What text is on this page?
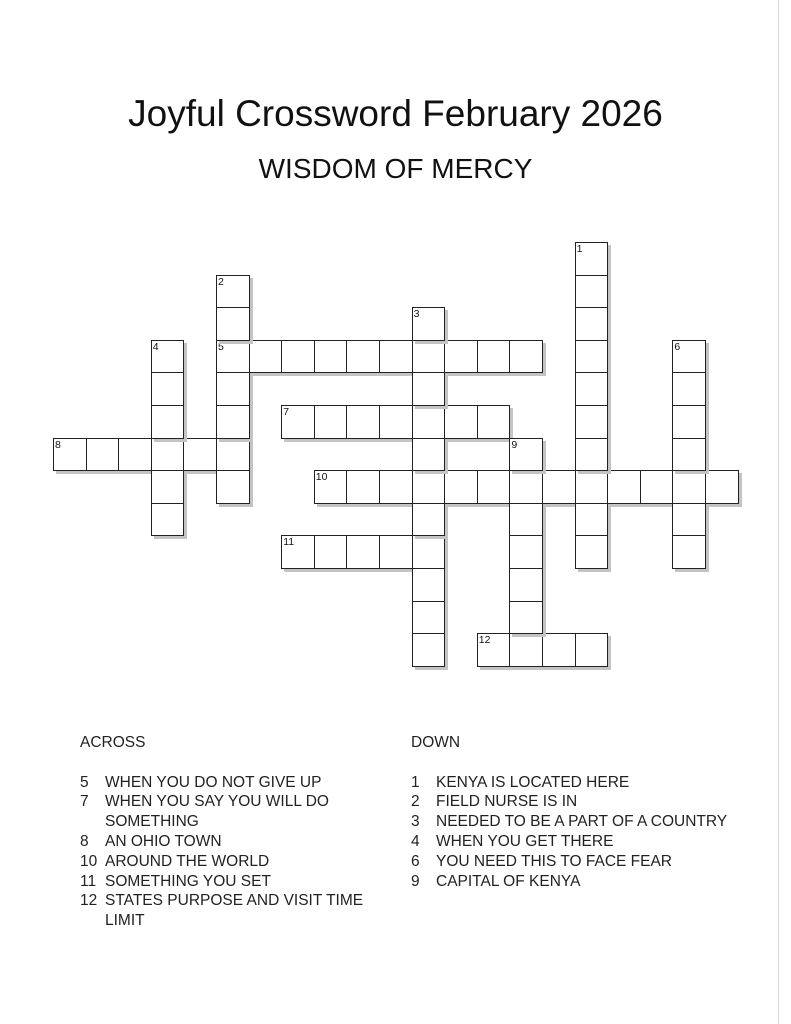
Joyful Crossword February 2026
WISDOM OF MERCY
5
7
8
10
11
12
1
2
3
4	6
9
ACROSS
5	WHEN YOU DO NOT GIVE UP
7	WHEN YOU SAY YOU WILL DO SOMETHING
8	AN OHIO TOWN
10 AROUND THE WORLD
11 SOMETHING YOU SET
12 STATES PURPOSE AND VISIT TIME LIMIT
DOWN
1	KENYA IS LOCATED HERE
2	FIELD NURSE IS IN
3	NEEDED TO BE A PART OF A COUNTRY
4	WHEN YOU GET THERE
6	YOU NEED THIS TO FACE FEAR
9	CAPITAL OF KENYA
